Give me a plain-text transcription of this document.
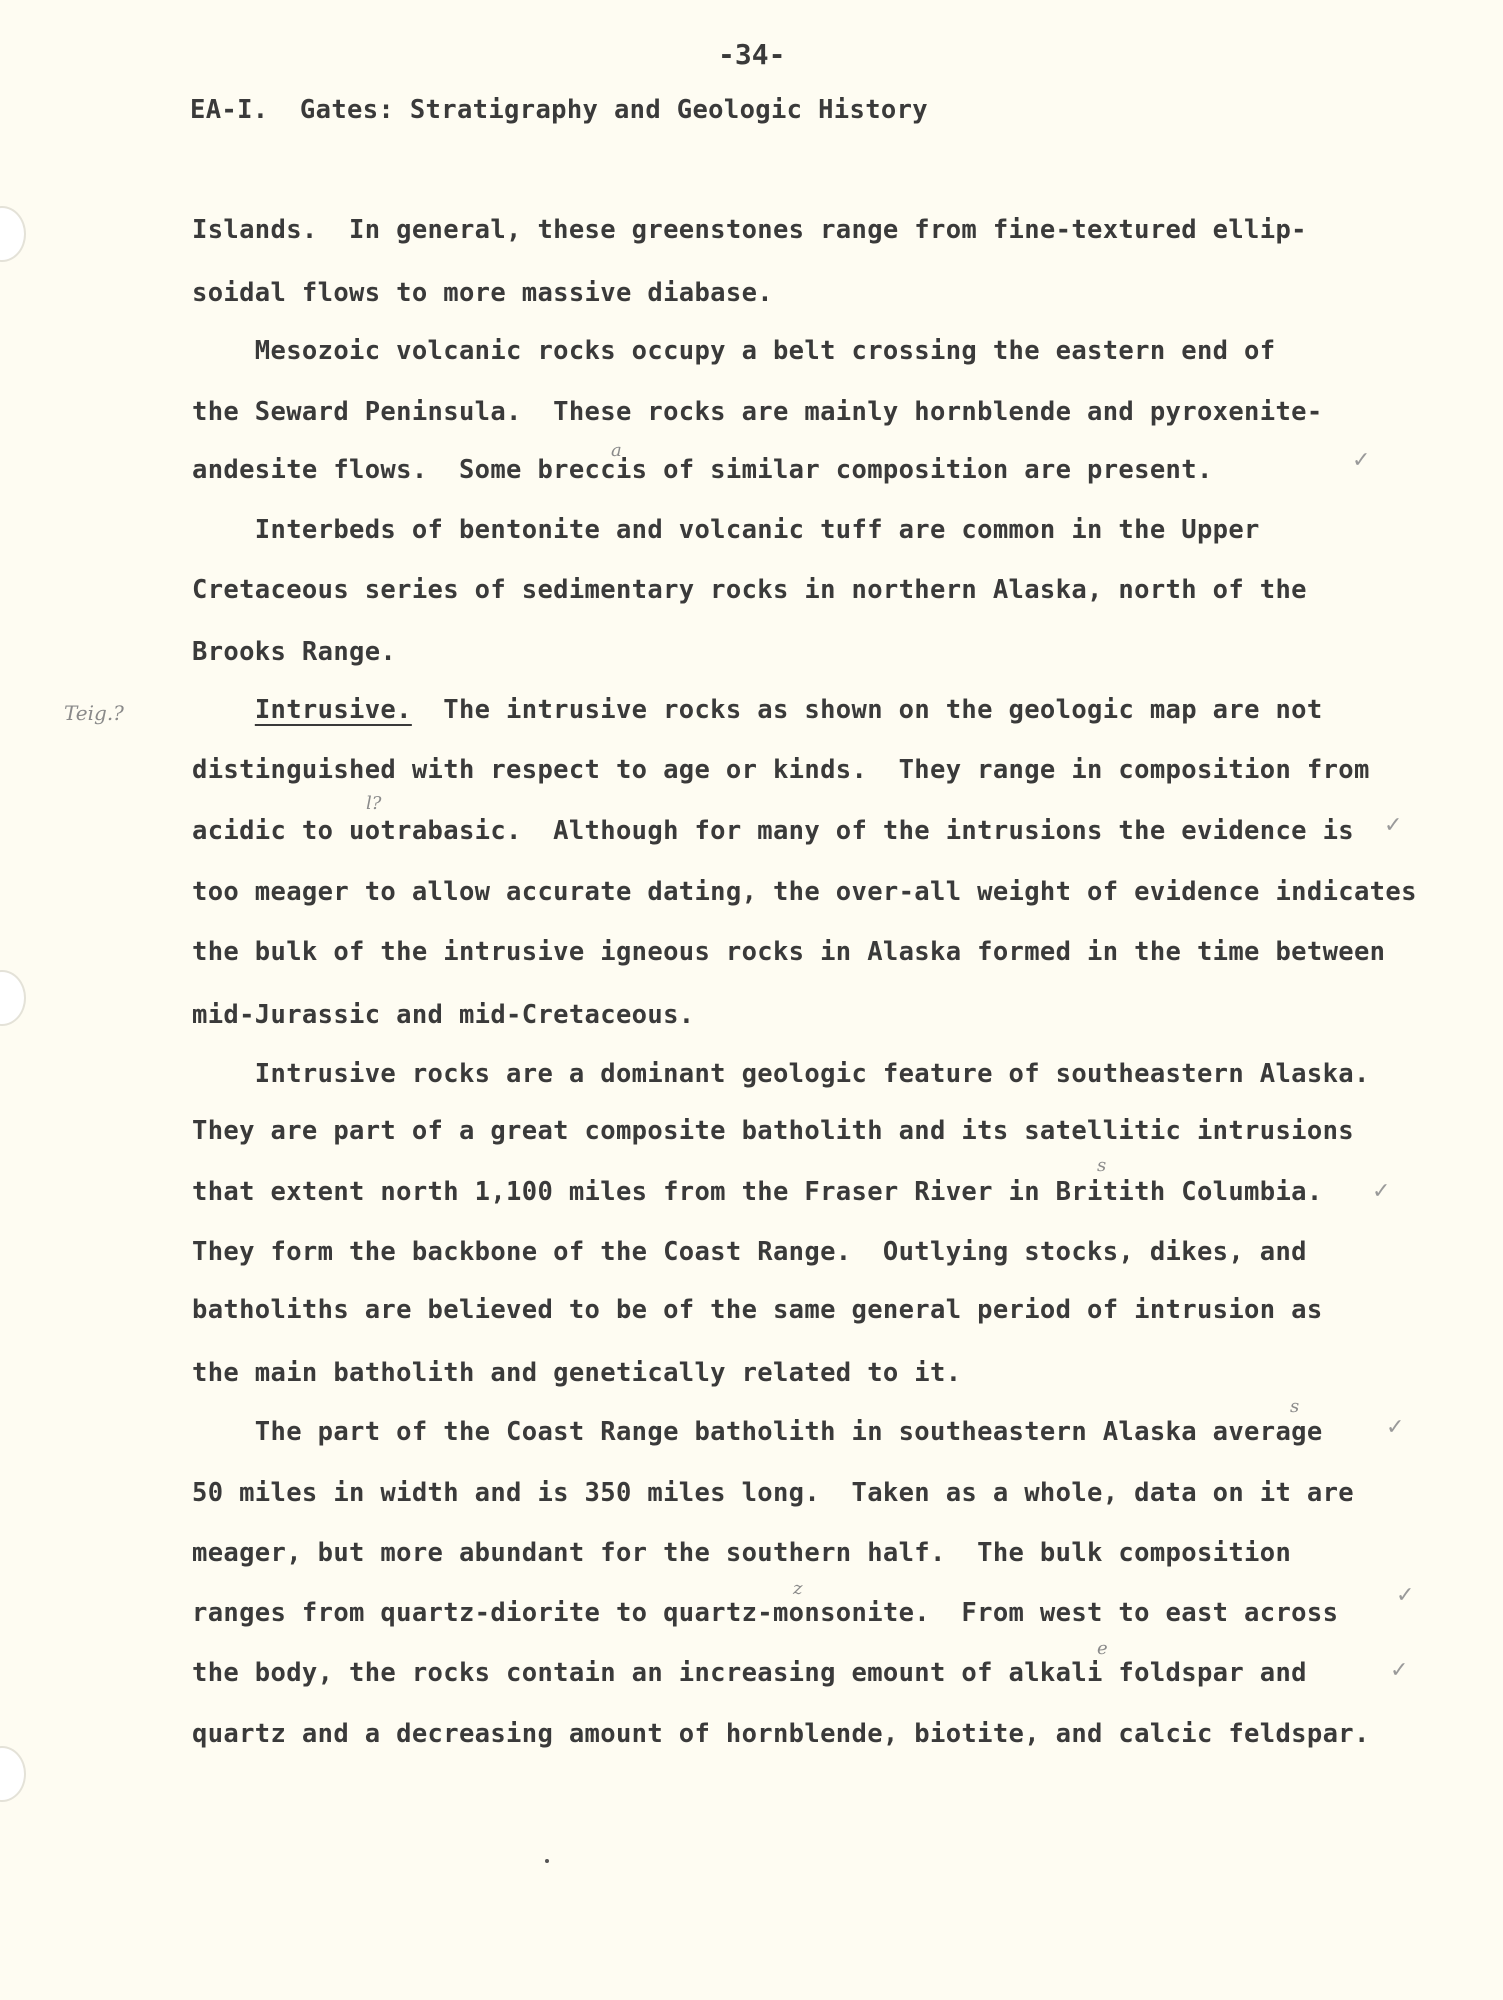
-34-
EA-I.  Gates: Stratigraphy and Geologic History
Islands.  In general, these greenstones range from fine-textured ellip-
soidal flows to more massive diabase.
Mesozoic volcanic rocks occupy a belt crossing the eastern end of
the Seward Peninsula.  These rocks are mainly hornblende and pyroxenite-
andesite flows.  Some breccis of similar composition are present.
Interbeds of bentonite and volcanic tuff are common in the Upper
Cretaceous series of sedimentary rocks in northern Alaska, north of the
Brooks Range.
Intrusive.  The intrusive rocks as shown on the geologic map are not
distinguished with respect to age or kinds.  They range in composition from
acidic to uotrabasic.  Although for many of the intrusions the evidence is
too meager to allow accurate dating, the over-all weight of evidence indicates
the bulk of the intrusive igneous rocks in Alaska formed in the time between
mid-Jurassic and mid-Cretaceous.
Intrusive rocks are a dominant geologic feature of southeastern Alaska.
They are part of a great composite batholith and its satellitic intrusions
that extent north 1,100 miles from the Fraser River in Britith Columbia.
They form the backbone of the Coast Range.  Outlying stocks, dikes, and
batholiths are believed to be of the same general period of intrusion as
the main batholith and genetically related to it.
The part of the Coast Range batholith in southeastern Alaska average
50 miles in width and is 350 miles long.  Taken as a whole, data on it are
meager, but more abundant for the southern half.  The bulk composition
ranges from quartz-diorite to quartz-monsonite.  From west to east across
the body, the rocks contain an increasing emount of alkali foldspar and
quartz and a decreasing amount of hornblende, biotite, and calcic feldspar.
Teig.?
a
l?
s
s
z
e
✓
✓
✓
✓
✓
✓
